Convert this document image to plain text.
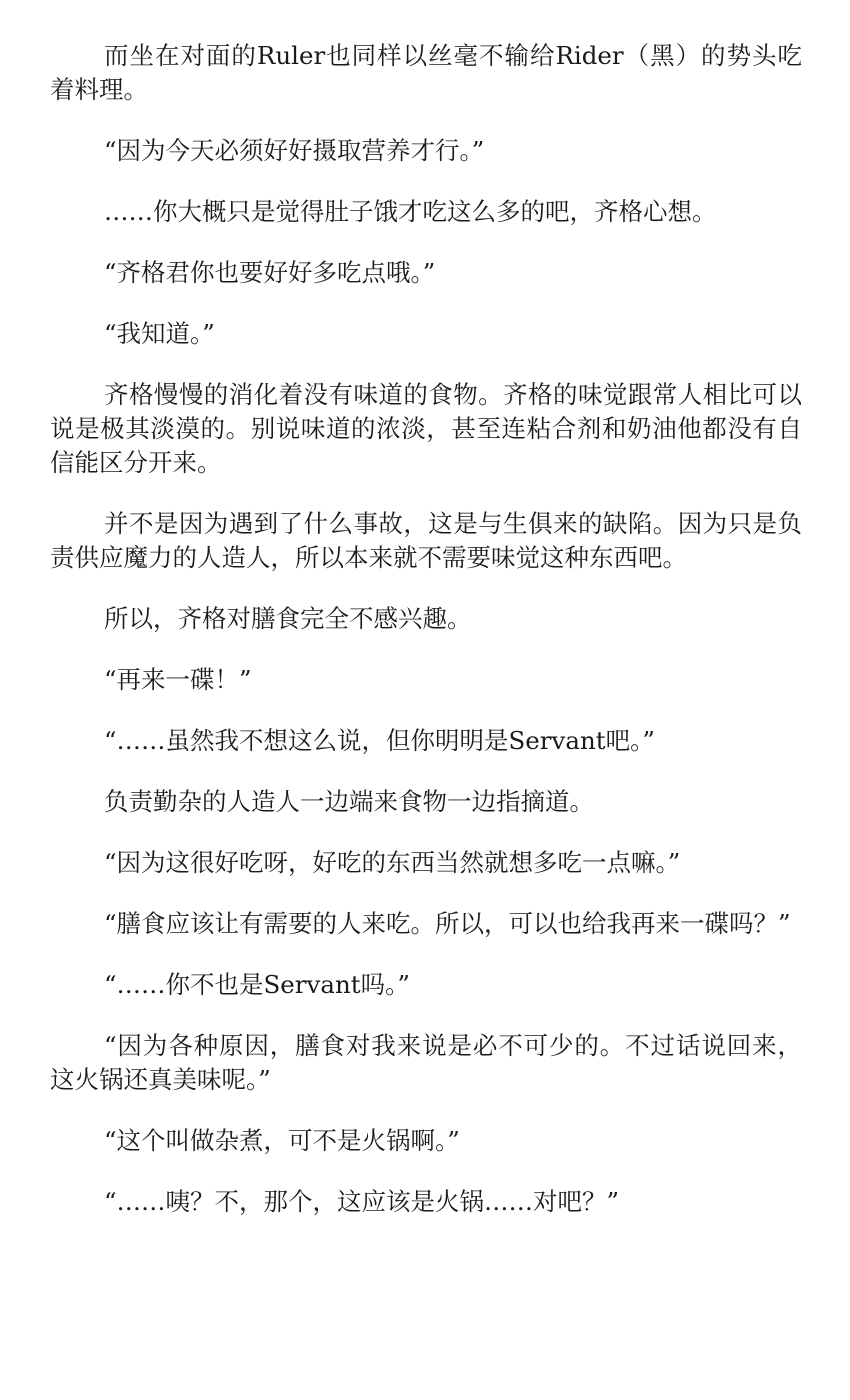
而坐在对面的Ruler也同样以丝毫不输给Rider（黑）的势头吃着料理。

“因为今天必须好好摄取营养才行。”

……你大概只是觉得肚子饿才吃这么多的吧，齐格心想。

“齐格君你也要好好多吃点哦。”

“我知道。”

齐格慢慢的消化着没有味道的食物。齐格的味觉跟常人相比可以说是极其淡漠的。别说味道的浓淡，甚至连粘合剂和奶油他都没有自信能区分开来。

并不是因为遇到了什么事故，这是与生俱来的缺陷。因为只是负责供应魔力的人造人，所以本来就不需要味觉这种东西吧。

所以，齐格对膳食完全不感兴趣。

“再来一碟！”

“……虽然我不想这么说，但你明明是Servant吧。”

负责勤杂的人造人一边端来食物一边指摘道。

“因为这很好吃呀，好吃的东西当然就想多吃一点嘛。”

“膳食应该让有需要的人来吃。所以，可以也给我再来一碟吗？”

“……你不也是Servant吗。”

“因为各种原因，膳食对我来说是必不可少的。不过话说回来，这火锅还真美味呢。”

“这个叫做杂煮，可不是火锅啊。”

“……咦？不，那个，这应该是火锅……对吧？”
